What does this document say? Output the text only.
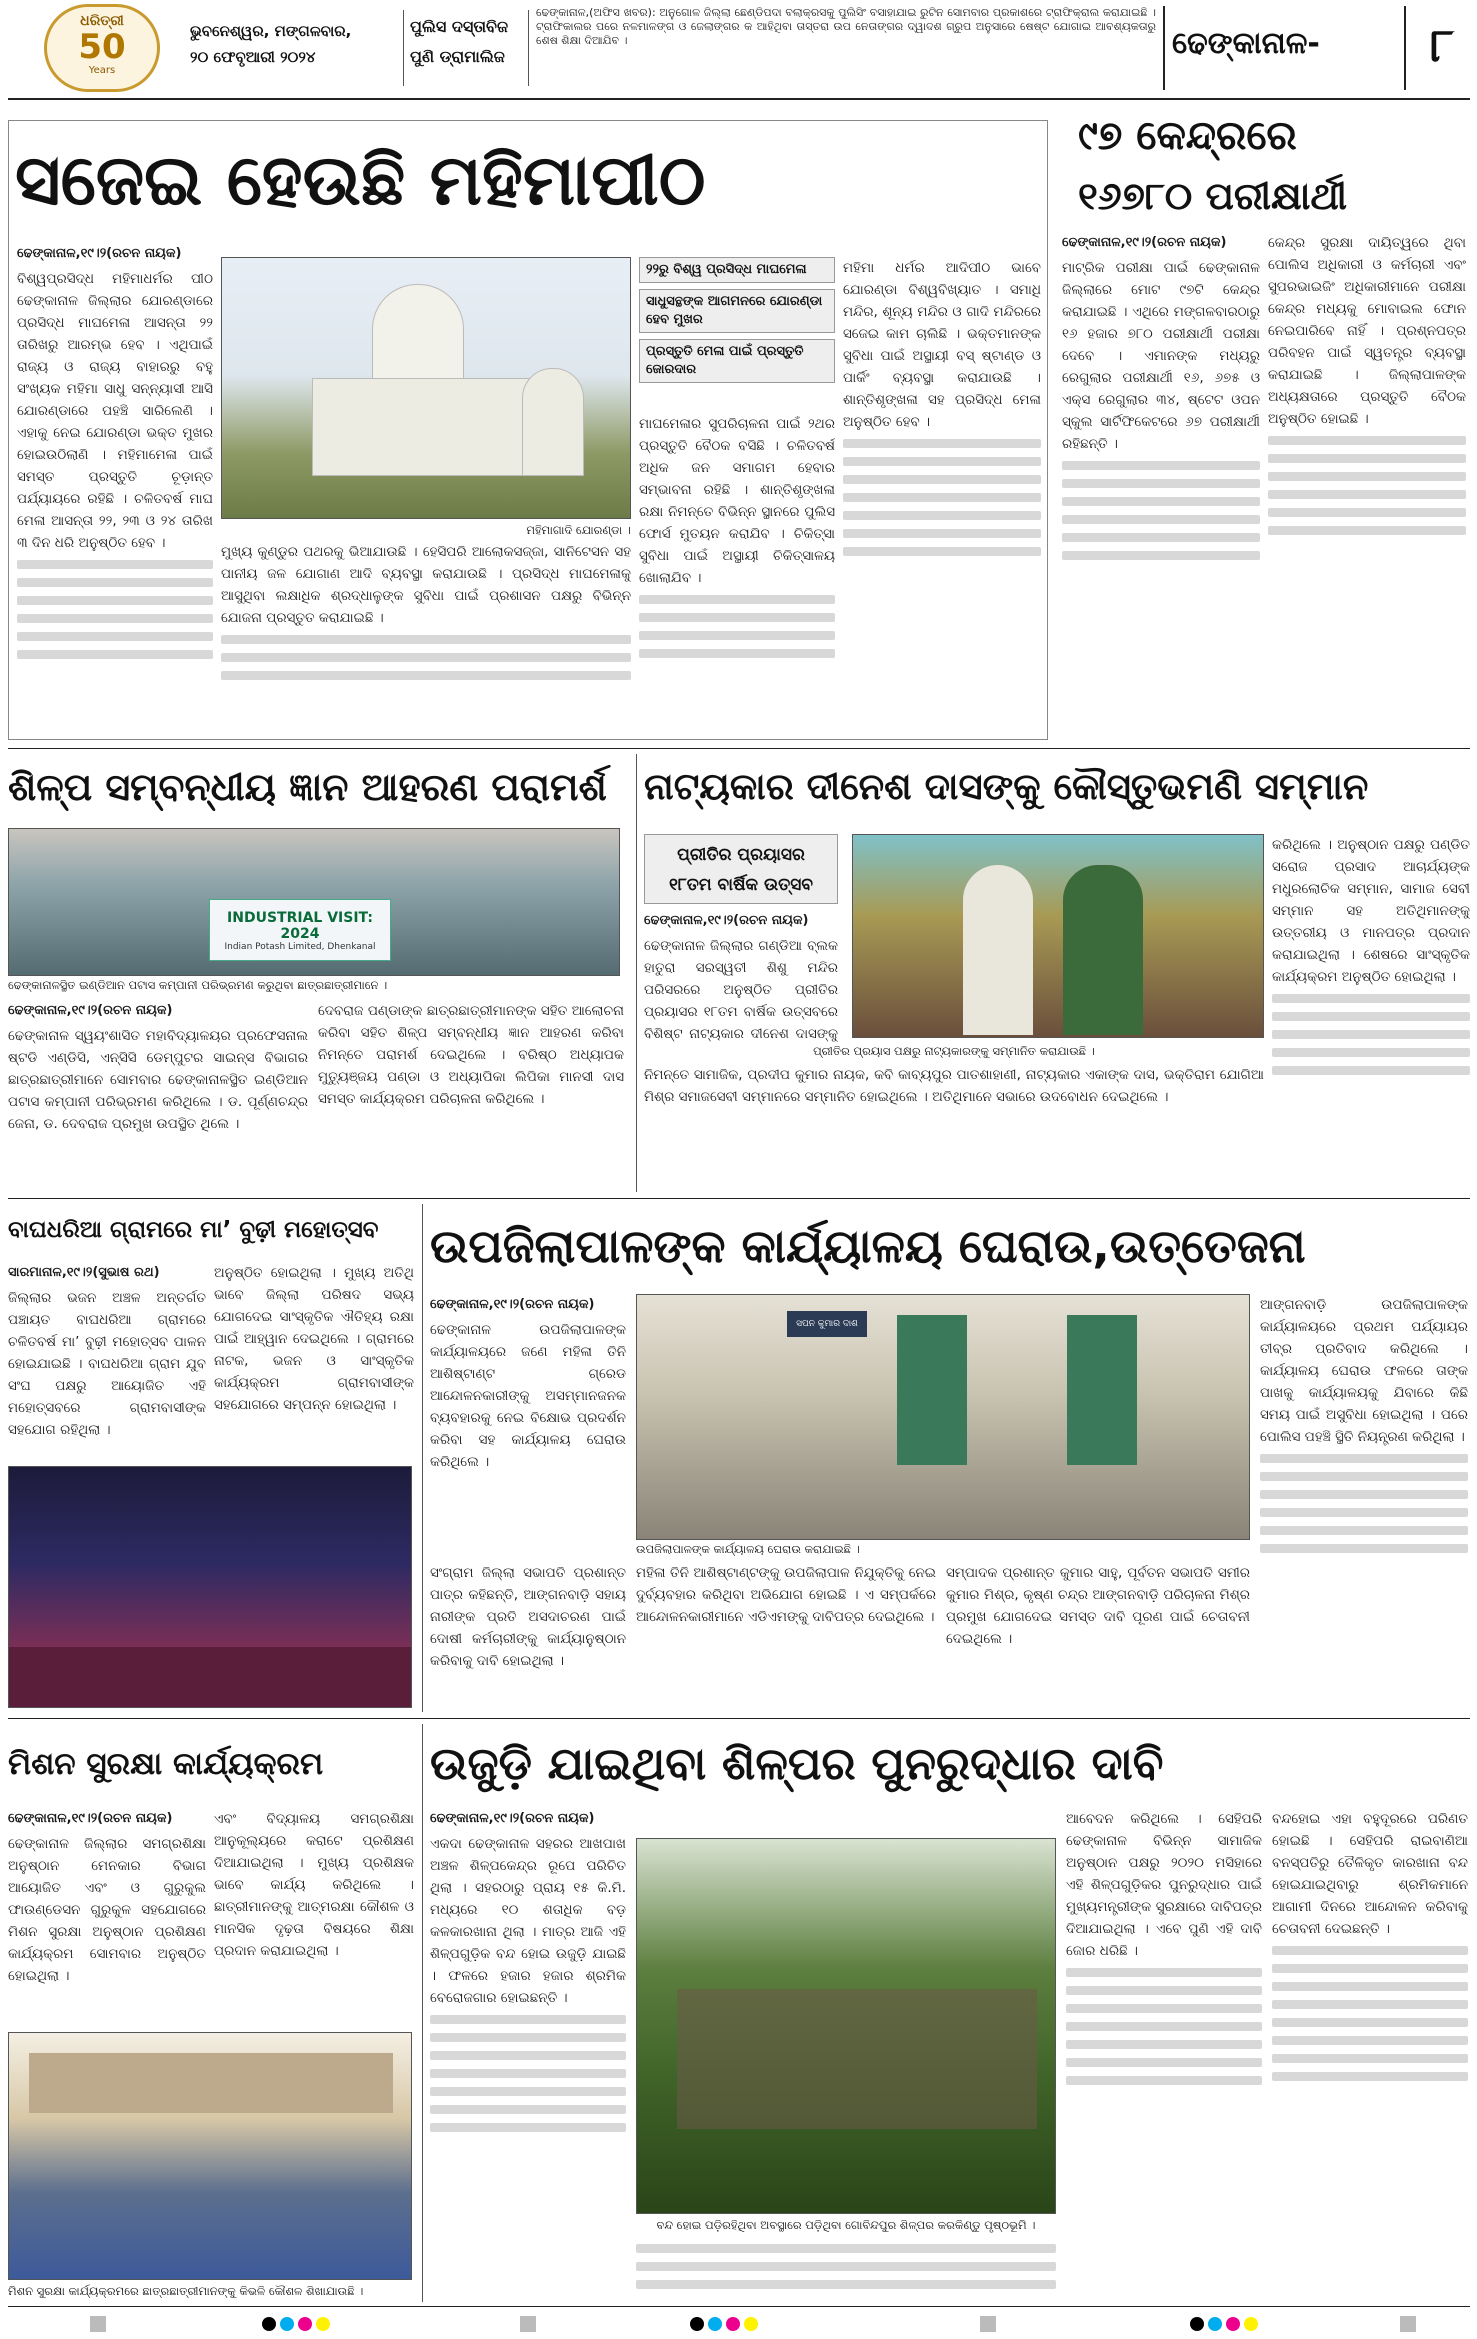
ଧରିତ୍ରୀ
50
Years
ଭୁବନେଶ୍ୱର, ମଙ୍ଗଳବାର,
୨୦ ଫେବୃଆରୀ ୨୦୨୪
ପୁଲିସ ଦସ୍ତାବିଜ
ପୁଣି ଡ୍ରାମାଲିଜ
ଢେଙ୍କାନାଳ,(ଅଫିସ ଖବର): ଅନୁଗୋଳ ଜିଲ୍ଲା ଛେଣ୍ଡିପଦା ବଲାକ୍ରସକୁ ପୁଲିସିଂ ବସାହାଯାଇ ରୁଟିନ ସୋମବାର ପ୍ରକାଶରେ ଟ୍ରାଫିକ୍ରାଲ କରାଯାଇଛି । ଟ୍ରାଫିକାଲର ପରେ ନଳମାଳଙ୍ଗ ଓ ଜେଲାଙ୍ଗର କ ଆହିଥିବା ତାସ୍ତରା ଉପ ନେତାଙ୍ଗର ଦ୍ୱାଦଶ ଗ୍ରୁପ ଅନୁସାରେ ଷେଷ୍ଟ ଯୋଗାଇ ଆବଶ୍ୟକତାରୁ ଶେଷ ଶିକ୍ଷା ଦିଆଯିବ ।	ଢେଙ୍କାନାଳ-	୮
ସଜେଇ ହେଉଛି ମହିମାପୀଠ
ଢେଙ୍କାନାଳ,୧୯।୨(ରଚନ ନାୟକ)
ବିଶ୍ୱପ୍ରସିଦ୍ଧ ମହିମାଧର୍ମର ପୀଠ ଢେଙ୍କାନାଳ ଜିଲ୍ଲାର ଯୋରଣ୍ଡାରେ ପ୍ରସିଦ୍ଧ ମାଘମେଳା ଆସନ୍ତା ୨୨ ତାରିଖରୁ ଆରମ୍ଭ ହେବ । ଏଥିପାଇଁ ରାଜ୍ୟ ଓ ରାଜ୍ୟ ବାହାରରୁ ବହୁ ସଂଖ୍ୟକ ମହିମା ସାଧୁ ସନ୍ନ୍ୟାସୀ ଆସି ଯୋରଣ୍ଡାରେ ପହଞ୍ଚି ସାରିଲେଣି । ଏହାକୁ ନେଇ ଯୋରଣ୍ଡା ଭକ୍ତ ମୁଖର ହୋଇଉଠିଲାଣି । ମହିମାମେଳା ପାଇଁ ସମସ୍ତ ପ୍ରସ୍ତୁତି ଚୂଡ଼ାନ୍ତ ପର୍ଯ୍ୟାୟରେ ରହିଛି । ଚଳିତବର୍ଷ ମାଘ ମେଳା ଆସନ୍ତା ୨୨, ୨୩ ଓ ୨୪ ତାରିଖ ୩ ଦିନ ଧରି ଅନୁଷ୍ଠିତ ହେବ ।
ମହିମାଗାଦି ଯୋରଣ୍ଡା ।
ମୁଖ୍ୟ କୁଣ୍ଡୁର ପଥରକୁ ଭିଆଯାଉଛି । ହେସିପରି ଆଲୋକସଜ୍ଜା, ସାନିଟେସନ ସହ ପାନୀୟ ଜଳ ଯୋଗାଣ ଆଦି ବ୍ୟବସ୍ଥା କରାଯାଉଛି । ପ୍ରସିଦ୍ଧ ମାଘମେଳାକୁ ଆସୁଥିବା ଲକ୍ଷାଧିକ ଶ୍ରଦ୍ଧାଳୁଙ୍କ ସୁବିଧା ପାଇଁ ପ୍ରଶାସନ ପକ୍ଷରୁ ବିଭିନ୍ନ ଯୋଜନା ପ୍ରସ୍ତୁତ କରାଯାଇଛି ।
୨୨ରୁ ବିଶ୍ୱ ପ୍ରସିଦ୍ଧ ମାଘମେଳା
ସାଧୁସନ୍ଥଙ୍କ ଆଗମନରେ ଯୋରଣ୍ଡା ହେବ ମୁଖର
ପ୍ରସ୍ତୁତି ମେଳା ପାଇଁ ପ୍ରସ୍ତୁତି ଜୋରଦାର
ମାଘମେଳାର ସୁପରିଚାଳନା ପାଇଁ ୨ଥର ପ୍ରସ୍ତୁତି ବୈଠକ ବସିଛି । ଚଳିତବର୍ଷ ଅଧିକ ଜନ ସମାଗମ ହେବାର ସମ୍ଭାବନା ରହିଛି । ଶାନ୍ତିଶୃଙ୍ଖଳା ରକ୍ଷା ନିମନ୍ତେ ବିଭିନ୍ନ ସ୍ଥାନରେ ପୁଲିସ ଫୋର୍ସ ମୁତୟନ କରାଯିବ । ଚିକିତ୍ସା ସୁବିଧା ପାଇଁ ଅସ୍ଥାୟୀ ଚିକିତ୍ସାଳୟ ଖୋଲାଯିବ ।
ମହିମା ଧର୍ମର ଆଦିପୀଠ ଭାବେ ଯୋରଣ୍ଡା ବିଶ୍ୱବିଖ୍ୟାତ । ସମାଧି ମନ୍ଦିର, ଶୂନ୍ୟ ମନ୍ଦିର ଓ ଗାଦି ମନ୍ଦିରରେ ସଜେଇ କାମ ଚାଲିଛି । ଭକ୍ତମାନଙ୍କ ସୁବିଧା ପାଇଁ ଅସ୍ଥାୟୀ ବସ୍ ଷ୍ଟାଣ୍ଡ ଓ ପାର୍କିଂ ବ୍ୟବସ୍ଥା କରାଯାଉଛି । ଶାନ୍ତିଶୃଙ୍ଖଳା ସହ ପ୍ରସିଦ୍ଧ ମେଳା ଅନୁଷ୍ଠିତ ହେବ ।
୯୭ କେନ୍ଦ୍ରରେ
୧୬୭୮୦ ପରୀକ୍ଷାର୍ଥୀ
ଢେଙ୍କାନାଳ,୧୯।୨(ରଚନ ନାୟକ)
ମାଟ୍ରିକ ପରୀକ୍ଷା ପାଇଁ ଢେଙ୍କାନାଳ ଜିଲ୍ଲାରେ ମୋଟ ୯୭ଟି କେନ୍ଦ୍ର କରାଯାଇଛି । ଏଥିରେ ମଙ୍ଗଳବାରଠାରୁ ୧୬ ହଜାର ୭୮୦ ପରୀକ୍ଷାର୍ଥୀ ପରୀକ୍ଷା ଦେବେ । ଏମାନଙ୍କ ମଧ୍ୟରୁ ରେଗୁଲାର ପରୀକ୍ଷାର୍ଥୀ ୧୬, ୬୭୫ ଓ ଏକ୍ସ ରେଗୁଲାର ୩୪, ଷ୍ଟେଟ ଓପନ ସ୍କୁଲ ସାର୍ଟିଫିକେଟରେ ୬୭ ପରୀକ୍ଷାର୍ଥୀ ରହିଛନ୍ତି ।
କେନ୍ଦ୍ର ସୁରକ୍ଷା ଦାୟିତ୍ୱରେ ଥିବା ପୋଲିସ ଅଧିକାରୀ ଓ କର୍ମଚାରୀ ଏବଂ ସୁପରଭାଇଜିଂ ଅଧିକାରୀମାନେ ପରୀକ୍ଷା କେନ୍ଦ୍ର ମଧ୍ୟକୁ ମୋବାଇଲ ଫୋନ ନେଇପାରିବେ ନାହିଁ । ପ୍ରଶ୍ନପତ୍ର ପରିବହନ ପାଇଁ ସ୍ୱତନ୍ତ୍ର ବ୍ୟବସ୍ଥା କରାଯାଇଛି । ଜିଲ୍ଲାପାଳଙ୍କ ଅଧ୍ୟକ୍ଷତାରେ ପ୍ରସ୍ତୁତି ବୈଠକ ଅନୁଷ୍ଠିତ ହୋଇଛି ।
ଶିଳ୍ପ ସମ୍ବନ୍ଧୀୟ ଜ୍ଞାନ ଆହରଣ ପରାମର୍ଶ
INDUSTRIAL VISIT: 2024
Indian Potash Limited, Dhenkanal
ଢେଙ୍କାନାଳସ୍ଥିତ ଇଣ୍ଡିଆନ ପଟାସ କମ୍ପାନୀ ପରିଭ୍ରମଣ କରୁଥିବା ଛାତ୍ରଛାତ୍ରୀମାନେ ।
ଢେଙ୍କାନାଳ,୧୯।୨(ରଚନ ନାୟକ)
ଢେଙ୍କାନାଳ ସ୍ୱୟଂଶାସିତ ମହାବିଦ୍ୟାଳୟର ପ୍ରଫେସନାଲ ଷ୍ଟଡି ଏଣ୍ଡିସି, ଏନ୍‌ସିସି ଡେମ୍ପୁଟର ସାଇନ୍ସ ବିଭାଗର ଛାତ୍ରଛାତ୍ରୀମାନେ ସୋମବାର ଢେଙ୍କାନାଳସ୍ଥିତ ଇଣ୍ଡିଆନ ପଟାସ କମ୍ପାନୀ ପରିଭ୍ରମଣ କରିଥିଲେ । ଡ. ପୂର୍ଣ୍ଣଚନ୍ଦ୍ର ଜେନା, ଡ. ଦେବରାଜ ପ୍ରମୁଖ ଉପସ୍ଥିତ ଥିଲେ ।
ଦେବରାଜ ପଣ୍ଡାଙ୍କ ଛାତ୍ରଛାତ୍ରୀମାନଙ୍କ ସହିତ ଆଲୋଚନା କରିବା ସହିତ ଶିଳ୍ପ ସମ୍ବନ୍ଧୀୟ ଜ୍ଞାନ ଆହରଣ କରିବା ନିମନ୍ତେ ପରାମର୍ଶ ଦେଇଥିଲେ । ବରିଷ୍ଠ ଅଧ୍ୟାପକ ମୁତ୍ୟୁଞ୍ଜୟ ପଣ୍ଡା ଓ ଅଧ୍ୟାପିକା ଲିପିକା ମାନସୀ ଦାସ ସମସ୍ତ କାର୍ଯ୍ୟକ୍ରମ ପରିଚାଳନା କରିଥିଲେ ।
ନାଟ୍ୟକାର ଦୀନେଶ ଦାସଙ୍କୁ କୌସ୍ତୁଭମଣି ସମ୍ମାନ
ପ୍ରୀତିର ପ୍ରୟାସର
୧୮ତମ ବାର୍ଷିକ ଉତ୍ସବ
ଢେଙ୍କାନାଳ,୧୯।୨(ରଚନ ନାୟକ)
ଢେଙ୍କାନାଳ ଜିଲ୍ଲାର ଗଣ୍ଡିଆ ବ୍ଲକ ହାତୁରା ସରସ୍ୱତୀ ଶିଶୁ ମନ୍ଦିର ପରିସରରେ ଅନୁଷ୍ଠିତ ପ୍ରୀତିର ପ୍ରୟାସର ୧୮ତମ ବାର୍ଷିକ ଉତ୍ସବରେ ବିଶିଷ୍ଟ ନାଟ୍ୟକାର ଦୀନେଶ ଦାସଙ୍କୁ
ପ୍ରୀତିର ପ୍ରୟାସ ପକ୍ଷରୁ ନାଟ୍ୟକାରଙ୍କୁ ସମ୍ମାନିତ କରାଯାଉଛି ।
ନିମନ୍ତେ ସାମାଜିକ, ପ୍ରଦୀପ କୁମାର ନାୟକ, କବି କାବ୍ୟପୁର ପାତଶାହାଣୀ, ନାଟ୍ୟକାର ଏକାଙ୍କ ଦାସ, ଭକ୍ତିରାମ ଯୋଗିଆ ମିଶ୍ର ସମାଜସେବୀ ସମ୍ମାନରେ ସମ୍ମାନିତ ହୋଇଥିଲେ । ଅତିଥିମାନେ ସଭାରେ ଉଦବୋଧନ ଦେଇଥିଲେ ।
କରିଥିଲେ । ଅନୁଷ୍ଠାନ ପକ୍ଷରୁ ପଣ୍ଡିତ ସରୋଜ ପ୍ରସାଦ ଆଚାର୍ଯ୍ୟଙ୍କ ମଧୁରଲୋଚିକ ସମ୍ମାନ, ସାମାଜ ସେବୀ ସମ୍ମାନ ସହ ଅତିଥିମାନଙ୍କୁ ଉତ୍ତରୀୟ ଓ ମାନପତ୍ର ପ୍ରଦାନ କରାଯାଇଥିଲା । ଶେଷରେ ସାଂସ୍କୃତିକ କାର୍ଯ୍ୟକ୍ରମ ଅନୁଷ୍ଠିତ ହୋଇଥିଲା ।
ବାଘଧରିଆ ଗ୍ରାମରେ ମା’ ବୁଢ଼ୀ ମହୋତ୍ସବ
ସାରମାନାଳ,୧୯।୨(ସୁଭାଷ ରଥ)
ଜିଲ୍ଲାର ଭଜନ ଅଞ୍ଚଳ ଅନ୍ତର୍ଗତ ପଞ୍ଚାୟତ ବାଘଧରିଆ ଗ୍ରାମରେ ଚଳିତବର୍ଷ ମା’ ବୁଢ଼ୀ ମହୋତ୍ସବ ପାଳନ ହୋଇଯାଇଛି । ବାଘଧରିଆ ଗ୍ରାମ ଯୁବ ସଂଘ ପକ୍ଷରୁ ଆୟୋଜିତ ଏହି ମହୋତ୍ସବରେ ଗ୍ରାମବାସୀଙ୍କ ସହଯୋଗ ରହିଥିଲା ।
ଅନୁଷ୍ଠିତ ହୋଇଥିଲା । ମୁଖ୍ୟ ଅତିଥି ଭାବେ ଜିଲ୍ଲା ପରିଷଦ ସଭ୍ୟ ଯୋଗଦେଇ ସାଂସ୍କୃତିକ ଐତିହ୍ୟ ରକ୍ଷା ପାଇଁ ଆହ୍ୱାନ ଦେଇଥିଲେ । ଗ୍ରାମରେ ନାଟକ, ଭଜନ ଓ ସାଂସ୍କୃତିକ କାର୍ଯ୍ୟକ୍ରମ ଗ୍ରାମବାସୀଙ୍କ ସହଯୋଗରେ ସମ୍ପନ୍ନ ହୋଇଥିଲା ।
ଉପଜିଲାପାଳଙ୍କ କାର୍ଯ୍ୟାଳୟ ଘେରାଉ,ଉତ୍ତେଜନା
ଢେଙ୍କାନାଳ,୧୯।୨(ରଚନ ନାୟକ)
ଢେଙ୍କାନାଳ ଉପଜିଲାପାଳଙ୍କ କାର୍ଯ୍ୟାଳୟରେ ଜଣେ ମହିଳା ତିନି ଆଶିଷ୍ଟାଣ୍ଟ ଗ୍ରେଡ ଆନ୍ଦୋଳନକାରୀଙ୍କୁ ଅସମ୍ମାନଜନକ ବ୍ୟବହାରକୁ ନେଇ ବିକ୍ଷୋଭ ପ୍ରଦର୍ଶନ କରିବା ସହ କାର୍ଯ୍ୟାଳୟ ଘେରାଉ କରିଥିଲେ ।
ସପନ କୁମାର ଦାଶ
ଉପଜିଲାପାଳଙ୍କ କାର୍ଯ୍ୟାଳୟ ଘେରାଉ କରାଯାଇଛି ।
ସଂଗ୍ରାମ ଜିଲ୍ଲା ସଭାପତି ପ୍ରଶାନ୍ତ ପାତ୍ର କହିଛନ୍ତି, ଆଙ୍ଗନବାଡ଼ି ସହାୟ ନାରୀଙ୍କ ପ୍ରତି ଅସଦାଚରଣ ପାଇଁ ଦୋଷୀ କର୍ମଚାରୀଙ୍କୁ କାର୍ଯ୍ୟାନୁଷ୍ଠାନ କରିବାକୁ ଦାବି ହୋଇଥିଲା ।
ମହିଳା ତିନି ଆଶିଷ୍ଟାଣ୍ଟଙ୍କୁ ଉପଜିଲାପାଳ ନିଯୁକ୍ତିକୁ ନେଇ ଦୁର୍ବ୍ୟବହାର କରିଥିବା ଅଭିଯୋଗ ହୋଇଛି । ଏ ସମ୍ପର୍କରେ ଆନ୍ଦୋଳନକାରୀମାନେ ଏଡିଏମଙ୍କୁ ଦାବିପତ୍ର ଦେଇଥିଲେ ।
ସମ୍ପାଦକ ପ୍ରଶାନ୍ତ କୁମାର ସାହୁ, ପୂର୍ବତନ ସଭାପତି ସମୀର କୁମାର ମିଶ୍ର, କୃଷ୍ଣ ଚନ୍ଦ୍ର ଆଙ୍ଗନବାଡ଼ି ପରିଚାଳନା ମିଶ୍ର ପ୍ରମୁଖ ଯୋଗଦେଇ ସମସ୍ତ ଦାବି ପୂରଣ ପାଇଁ ଚେତାବନୀ ଦେଇଥିଲେ ।
ଆଙ୍ଗନବାଡ଼ି ଉପଜିଲାପାଳଙ୍କ କାର୍ଯ୍ୟାଳୟରେ ପ୍ରଥମ ପର୍ଯ୍ୟାୟର ତୀବ୍ର ପ୍ରତିବାଦ କରିଥିଲେ । କାର୍ଯ୍ୟାଳୟ ଘେରାଉ ଫଳରେ ତାଙ୍କ ପାଖକୁ କାର୍ଯ୍ୟାଳୟକୁ ଯିବାରେ କିଛି ସମୟ ପାଇଁ ଅସୁବିଧା ହୋଇଥିଲା । ପରେ ପୋଲିସ ପହଞ୍ଚି ସ୍ଥିତି ନିୟନ୍ତ୍ରଣ କରିଥିଲା ।
ମିଶନ ସୁରକ୍ଷା କାର୍ଯ୍ୟକ୍ରମ
ଢେଙ୍କାନାଳ,୧୯।୨(ରଚନ ନାୟକ)
ଢେଙ୍କାନାଳ ଜିଲ୍ଲାର ସମଗ୍ରଶିକ୍ଷା ଅନୁଷ୍ଠାନ ମେନକାର ବିଭାଗ ଆୟୋଜିତ ଏବଂ ଓ ଗୁରୁକୁଲ ଫାଉଣ୍ଡେସନ ଗୁରୁକୁଳ ସହଯୋଗରେ ମିଶନ ସୁରକ୍ଷା ଅନୁଷ୍ଠାନ ପ୍ରଶିକ୍ଷଣ କାର୍ଯ୍ୟକ୍ରମ ସୋମବାର ଅନୁଷ୍ଠିତ ହୋଇଥିଲା ।
ଏବଂ ବିଦ୍ୟାଳୟ ସମଗ୍ରଶିକ୍ଷା ଆନୁକୂଲ୍ୟରେ କରାଟେ ପ୍ରଶିକ୍ଷଣ ଦିଆଯାଇଥିଲା । ମୁଖ୍ୟ ପ୍ରଶିକ୍ଷକ ଭାବେ କାର୍ଯ୍ୟ କରିଥିଲେ । ଛାତ୍ରୀମାନଙ୍କୁ ଆତ୍ମରକ୍ଷା କୌଶଳ ଓ ମାନସିକ ଦୃଢ଼ତା ବିଷୟରେ ଶିକ୍ଷା ପ୍ରଦାନ କରାଯାଇଥିଲା ।
ମିଶନ ସୁରକ୍ଷା କାର୍ଯ୍ୟକ୍ରମରେ ଛାତ୍ରଛାତ୍ରୀମାନଙ୍କୁ କିଭଳି କୌଶଳ ଶିଖାଯାଉଛି ।
ଉଜୁଡ଼ି ଯାଇଥିବା ଶିଳ୍ପର ପୁନରୁଦ୍ଧାର ଦାବି
ଢେଙ୍କାନାଳ,୧୯।୨(ରଚନ ନାୟକ)
ଏକଦା ଢେଙ୍କାନାଳ ସହରର ଆଖପାଖ ଅଞ୍ଚଳ ଶିଳ୍ପକେନ୍ଦ୍ର ରୂପେ ପରିଚିତ ଥିଲା । ସହରଠାରୁ ପ୍ରାୟ ୧୫ କି.ମି. ମଧ୍ୟରେ ୧୦ ଶତାଧିକ ବଡ଼ କଳକାରଖାନା ଥିଲା । ମାତ୍ର ଆଜି ଏହି ଶିଳ୍ପଗୁଡ଼ିକ ବନ୍ଦ ହୋଇ ଉଜୁଡ଼ି ଯାଇଛି । ଫଳରେ ହଜାର ହଜାର ଶ୍ରମିକ ବେରୋଜଗାର ହୋଇଛନ୍ତି ।
ବନ୍ଦ ହୋଇ ପଡ଼ିରହିଥିବା ଅବସ୍ଥାରେ ପଡ଼ିଥିବା ଗୋବିନ୍ଦପୁର ଶିଳ୍ପର କରକିଣ୍ଡୁ ପୃଷ୍ଠଭୂମି ।
ଆବେଦନ କରିଥିଲେ । ସେହିପରି ଢେଙ୍କାନାଳ ବିଭିନ୍ନ ସାମାଜିକ ଅନୁଷ୍ଠାନ ପକ୍ଷରୁ ୨୦୨୦ ମସିହାରେ ଏହି ଶିଳ୍ପଗୁଡ଼ିକର ପୁନରୁଦ୍ଧାର ପାଇଁ ମୁଖ୍ୟମନ୍ତ୍ରୀଙ୍କ ସୁରକ୍ଷାରେ ଦାବିପତ୍ର ଦିଆଯାଇଥିଲା । ଏବେ ପୁଣି ଏହି ଦାବି ଜୋର ଧରିଛି ।
ବନ୍ଦହୋଇ ଏହା ବହୁଦୂରରେ ପରିଣତ ହୋଇଛି । ସେହିପରି ରାଇବାଣିଆ ବନସ୍ପତିରୁ ତୈଳିକୃତ କାରଖାନା ବନ୍ଦ ହୋଇଯାଇଥିବାରୁ ଶ୍ରମିକମାନେ ଆଗାମୀ ଦିନରେ ଆନ୍ଦୋଳନ କରିବାକୁ ଚେତାବନୀ ଦେଇଛନ୍ତି ।
